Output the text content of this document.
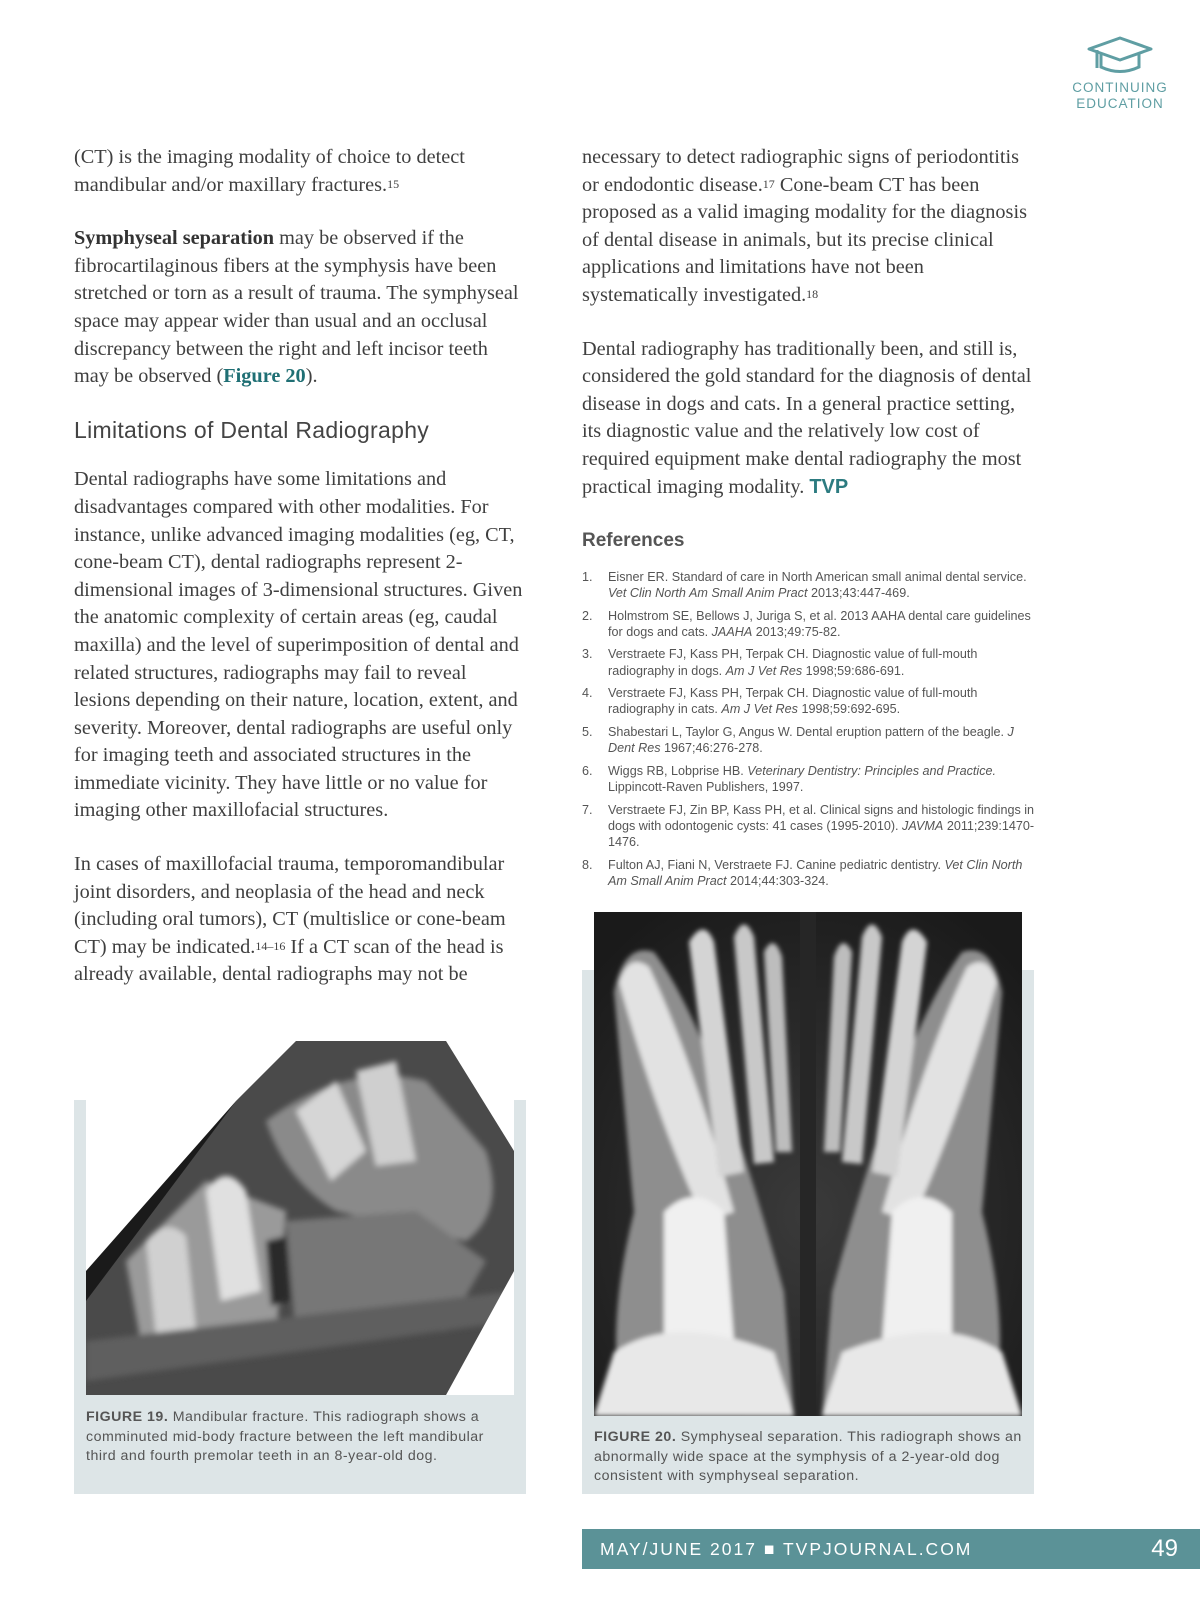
CONTINUING
EDUCATION

(CT) is the imaging modality of choice to detect mandibular and/or maxillary fractures.$^{15}$

Symphyseal separation may be observed if the fibrocartilaginous fibers at the symphysis have been stretched or torn as a result of trauma. The symphyseal space may appear wider than usual and an occlusal discrepancy between the right and left incisor teeth may be observed (Figure 20).

Limitations of Dental Radiography

Dental radiographs have some limitations and disadvantages compared with other modalities. For instance, unlike advanced imaging modalities (eg, CT, cone-beam CT), dental radiographs represent 2-dimensional images of 3-dimensional structures. Given the anatomic complexity of certain areas (eg, caudal maxilla) and the level of superimposition of dental and related structures, radiographs may fail to reveal lesions depending on their nature, location, extent, and severity. Moreover, dental radiographs are useful only for imaging teeth and associated structures in the immediate vicinity. They have little or no value for imaging other maxillofacial structures.

In cases of maxillofacial trauma, temporomandibular joint disorders, and neoplasia of the head and neck (including oral tumors), CT (multislice or cone-beam CT) may be indicated.$^{14-16}$ If a CT scan of the head is already available, dental radiographs may not be

necessary to detect radiographic signs of periodontitis or endodontic disease.$^{17}$ Cone-beam CT has been proposed as a valid imaging modality for the diagnosis of dental disease in animals, but its precise clinical applications and limitations have not been systematically investigated.$^{18}$

Dental radiography has traditionally been, and still is, considered the gold standard for the diagnosis of dental disease in dogs and cats. In a general practice setting, its diagnostic value and the relatively low cost of required equipment make dental radiography the most practical imaging modality. TVP

References
1.	Eisner ER. Standard of care in North American small animal dental service. Vet Clin North Am Small Anim Pract 2013;43:447-469.
2.	Holmstrom SE, Bellows J, Juriga S, et al. 2013 AAHA dental care guidelines for dogs and cats. JAAHA 2013;49:75-82.
3.	Verstraete FJ, Kass PH, Terpak CH. Diagnostic value of full-mouth radiography in dogs. Am J Vet Res 1998;59:686-691.
4.	Verstraete FJ, Kass PH, Terpak CH. Diagnostic value of full-mouth radiography in cats. Am J Vet Res 1998;59:692-695.
5.	Shabestari L, Taylor G, Angus W. Dental eruption pattern of the beagle. J Dent Res 1967;46:276-278.
6.	Wiggs RB, Lobprise HB. Veterinary Dentistry: Principles and Practice. Lippincott-Raven Publishers, 1997.
7.	Verstraete FJ, Zin BP, Kass PH, et al. Clinical signs and histologic findings in dogs with odontogenic cysts: 41 cases (1995-2010). JAVMA 2011;239:1470-1476.
8.	Fulton AJ, Fiani N, Verstraete FJ. Canine pediatric dentistry. Vet Clin North Am Small Anim Pract 2014;44:303-324.
FIGURE 19. Mandibular fracture. This radiograph shows a comminuted mid-body fracture between the left mandibular third and fourth premolar teeth in an 8-year-old dog.
FIGURE 20. Symphyseal separation. This radiograph shows an abnormally wide space at the symphysis of a 2-year-old dog consistent with symphyseal separation.
MAY/JUNE 2017 ■ TVPJOURNAL.COM	49
